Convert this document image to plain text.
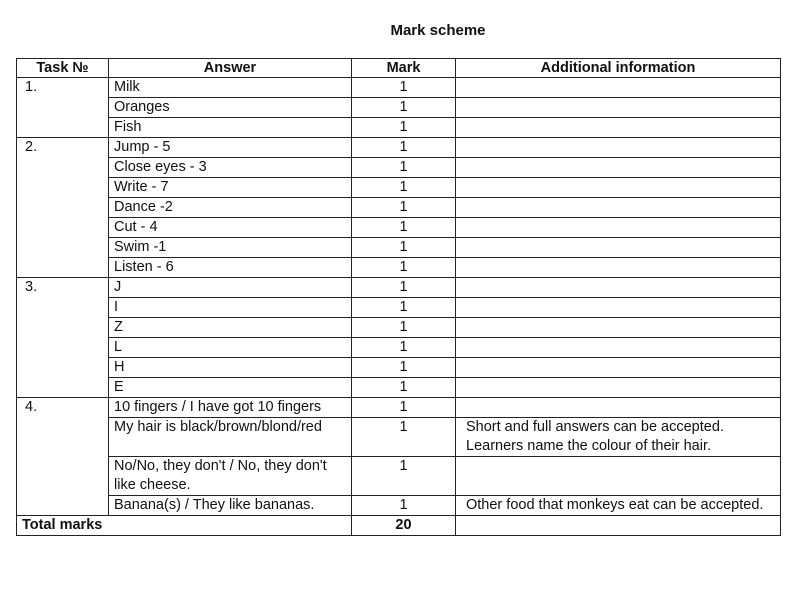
Mark scheme
Task №	Answer	Mark	Additional information
1.	Milk	1	
	Oranges	1	
	Fish	1	
2.	Jump - 5	1	
	Close eyes - 3	1	
	Write - 7	1	
	Dance -2	1	
	Cut - 4	1	
	Swim -1	1	
	Listen - 6	1	
3.	J	1	
	I	1	
	Z	1	
	L	1	
	H	1	
	E	1	
4.	10 fingers / I have got 10 fingers	1	
	My hair is black/brown/blond/red	1	Short and full answers can be accepted.
Learners name the colour of their hair.

	No/No, they don't / No, they don't like cheese.	1	
	Banana(s) / They like bananas.	1	Other food that monkeys eat can be accepted.
Total marks		20	
